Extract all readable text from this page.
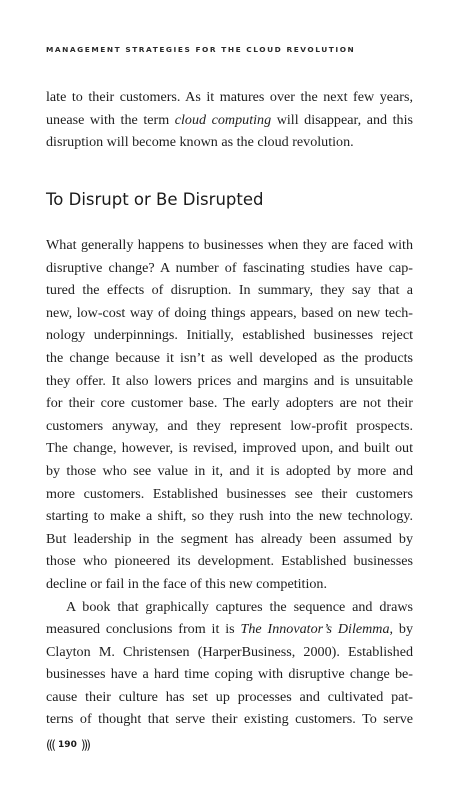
MANAGEMENT STRATEGIES FOR THE CLOUD REVOLUTION
late to their customers. As it matures over the next few years,
unease with the term cloud computing will disappear, and this
disruption will become known as the cloud revolution.
To Disrupt or Be Disrupted
What generally happens to businesses when they are faced with
disruptive change? A number of fascinating studies have cap-
tured the effects of disruption. In summary, they say that a
new, low-cost way of doing things appears, based on new tech-
nology underpinnings. Initially, established businesses reject
the change because it isn’t as well developed as the products
they offer. It also lowers prices and margins and is unsuitable
for their core customer base. The early adopters are not their
customers anyway, and they represent low-profit prospects.
The change, however, is revised, improved upon, and built out
by those who see value in it, and it is adopted by more and
more customers. Established businesses see their customers
starting to make a shift, so they rush into the new technology.
But leadership in the segment has already been assumed by
those who pioneered its development. Established businesses
decline or fail in the face of this new competition.
A book that graphically captures the sequence and draws
measured conclusions from it is The Innovator’s Dilemma, by
Clayton M. Christensen (HarperBusiness, 2000). Established
businesses have a hard time coping with disruptive change be-
cause their culture has set up processes and cultivated pat-
terns of thought that serve their existing customers. To serve
((( 190 )))
